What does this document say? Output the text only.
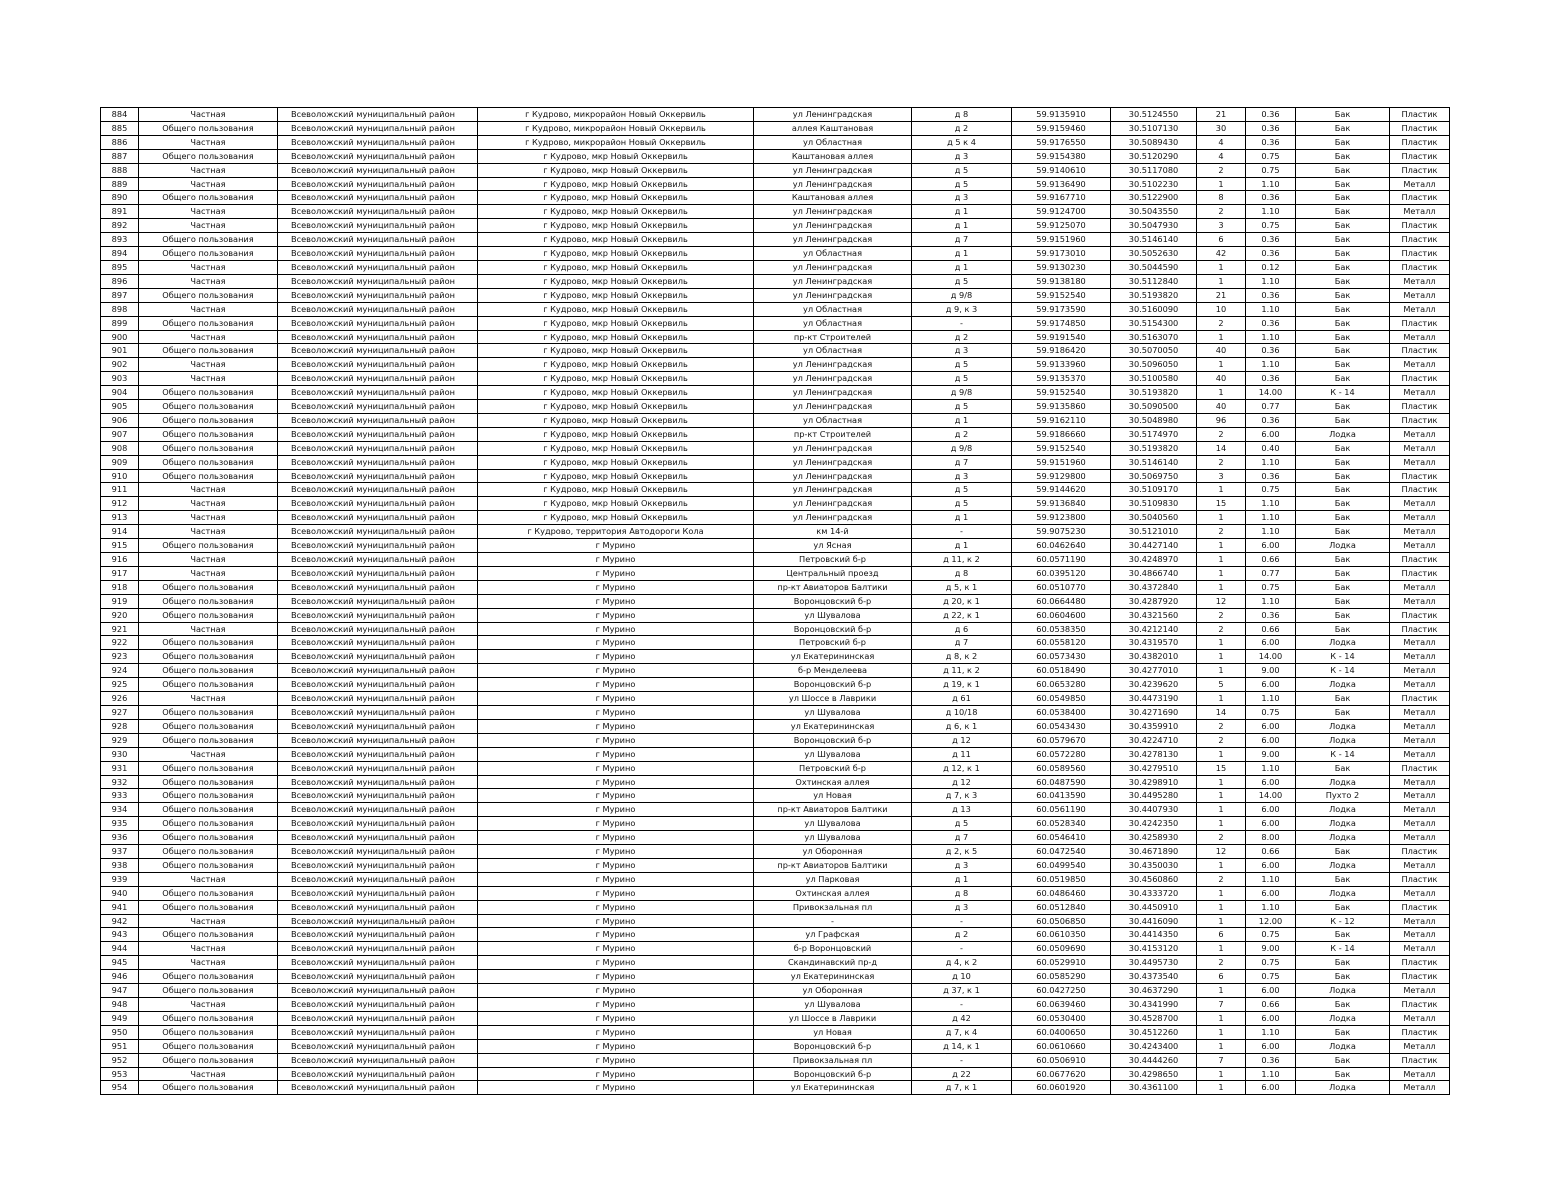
884	Частная	Всеволожский муниципальный район	г Кудрово, микрорайон Новый Оккервиль	ул Ленинградская	д 8	59.9135910	30.5124550	21	0.36	Бак	Пластик
885	Общего пользования	Всеволожский муниципальный район	г Кудрово, микрорайон Новый Оккервиль	аллея Каштановая	д 2	59.9159460	30.5107130	30	0.36	Бак	Пластик
886	Частная	Всеволожский муниципальный район	г Кудрово, микрорайон Новый Оккервиль	ул Областная	д 5 к 4	59.9176550	30.5089430	4	0.36	Бак	Пластик
887	Общего пользования	Всеволожский муниципальный район	г Кудрово, мкр Новый Оккервиль	Каштановая аллея	д 3	59.9154380	30.5120290	4	0.75	Бак	Пластик
888	Частная	Всеволожский муниципальный район	г Кудрово, мкр Новый Оккервиль	ул Ленинградская	д 5	59.9140610	30.5117080	2	0.75	Бак	Пластик
889	Частная	Всеволожский муниципальный район	г Кудрово, мкр Новый Оккервиль	ул Ленинградская	д 5	59.9136490	30.5102230	1	1.10	Бак	Металл
890	Общего пользования	Всеволожский муниципальный район	г Кудрово, мкр Новый Оккервиль	Каштановая аллея	д 3	59.9167710	30.5122900	8	0.36	Бак	Пластик
891	Частная	Всеволожский муниципальный район	г Кудрово, мкр Новый Оккервиль	ул Ленинградская	д 1	59.9124700	30.5043550	2	1.10	Бак	Металл
892	Частная	Всеволожский муниципальный район	г Кудрово, мкр Новый Оккервиль	ул Ленинградская	д 1	59.9125070	30.5047930	3	0.75	Бак	Пластик
893	Общего пользования	Всеволожский муниципальный район	г Кудрово, мкр Новый Оккервиль	ул Ленинградская	д 7	59.9151960	30.5146140	6	0.36	Бак	Пластик
894	Общего пользования	Всеволожский муниципальный район	г Кудрово, мкр Новый Оккервиль	ул Областная	д 1	59.9173010	30.5052630	42	0.36	Бак	Пластик
895	Частная	Всеволожский муниципальный район	г Кудрово, мкр Новый Оккервиль	ул Ленинградская	д 1	59.9130230	30.5044590	1	0.12	Бак	Пластик
896	Частная	Всеволожский муниципальный район	г Кудрово, мкр Новый Оккервиль	ул Ленинградская	д 5	59.9138180	30.5112840	1	1.10	Бак	Металл
897	Общего пользования	Всеволожский муниципальный район	г Кудрово, мкр Новый Оккервиль	ул Ленинградская	д 9/8	59.9152540	30.5193820	21	0.36	Бак	Металл
898	Частная	Всеволожский муниципальный район	г Кудрово, мкр Новый Оккервиль	ул Областная	д 9, к 3	59.9173590	30.5160090	10	1.10	Бак	Металл
899	Общего пользования	Всеволожский муниципальный район	г Кудрово, мкр Новый Оккервиль	ул Областная	-	59.9174850	30.5154300	2	0.36	Бак	Пластик
900	Частная	Всеволожский муниципальный район	г Кудрово, мкр Новый Оккервиль	пр-кт Строителей	д 2	59.9191540	30.5163070	1	1.10	Бак	Металл
901	Общего пользования	Всеволожский муниципальный район	г Кудрово, мкр Новый Оккервиль	ул Областная	д 3	59.9186420	30.5070050	40	0.36	Бак	Пластик
902	Частная	Всеволожский муниципальный район	г Кудрово, мкр Новый Оккервиль	ул Ленинградская	д 5	59.9133960	30.5096050	1	1.10	Бак	Металл
903	Частная	Всеволожский муниципальный район	г Кудрово, мкр Новый Оккервиль	ул Ленинградская	д 5	59.9135370	30.5100580	40	0.36	Бак	Пластик
904	Общего пользования	Всеволожский муниципальный район	г Кудрово, мкр Новый Оккервиль	ул Ленинградская	д 9/8	59.9152540	30.5193820	1	14.00	К - 14	Металл
905	Общего пользования	Всеволожский муниципальный район	г Кудрово, мкр Новый Оккервиль	ул Ленинградская	д 5	59.9135860	30.5090500	40	0.77	Бак	Пластик
906	Общего пользования	Всеволожский муниципальный район	г Кудрово, мкр Новый Оккервиль	ул Областная	д 1	59.9162110	30.5048980	96	0.36	Бак	Пластик
907	Общего пользования	Всеволожский муниципальный район	г Кудрово, мкр Новый Оккервиль	пр-кт Строителей	д 2	59.9186660	30.5174970	2	6.00	Лодка	Металл
908	Общего пользования	Всеволожский муниципальный район	г Кудрово, мкр Новый Оккервиль	ул Ленинградская	д 9/8	59.9152540	30.5193820	14	0.40	Бак	Металл
909	Общего пользования	Всеволожский муниципальный район	г Кудрово, мкр Новый Оккервиль	ул Ленинградская	д 7	59.9151960	30.5146140	2	1.10	Бак	Металл
910	Общего пользования	Всеволожский муниципальный район	г Кудрово, мкр Новый Оккервиль	ул Ленинградская	д 3	59.9129800	30.5069750	3	0.36	Бак	Пластик
911	Частная	Всеволожский муниципальный район	г Кудрово, мкр Новый Оккервиль	ул Ленинградская	д 5	59.9144620	30.5109170	1	0.75	Бак	Пластик
912	Частная	Всеволожский муниципальный район	г Кудрово, мкр Новый Оккервиль	ул Ленинградская	д 5	59.9136840	30.5109830	15	1.10	Бак	Металл
913	Частная	Всеволожский муниципальный район	г Кудрово, мкр Новый Оккервиль	ул Ленинградская	д 1	59.9123800	30.5040560	1	1.10	Бак	Металл
914	Частная	Всеволожский муниципальный район	г Кудрово, территория Автодороги Кола	км 14-й	-	59.9075230	30.5121010	2	1.10	Бак	Металл
915	Общего пользования	Всеволожский муниципальный район	г Мурино	ул Ясная	д 1	60.0462640	30.4427140	1	6.00	Лодка	Металл
916	Частная	Всеволожский муниципальный район	г Мурино	Петровский б-р	д 11, к 2	60.0571190	30.4248970	1	0.66	Бак	Пластик
917	Частная	Всеволожский муниципальный район	г Мурино	Центральный проезд	д 8	60.0395120	30.4866740	1	0.77	Бак	Пластик
918	Общего пользования	Всеволожский муниципальный район	г Мурино	пр-кт Авиаторов Балтики	д 5, к 1	60.0510770	30.4372840	1	0.75	Бак	Металл
919	Общего пользования	Всеволожский муниципальный район	г Мурино	Воронцовский б-р	д 20, к 1	60.0664480	30.4287920	12	1.10	Бак	Металл
920	Общего пользования	Всеволожский муниципальный район	г Мурино	ул Шувалова	д 22, к 1	60.0604600	30.4321560	2	0.36	Бак	Пластик
921	Частная	Всеволожский муниципальный район	г Мурино	Воронцовский б-р	д 6	60.0538350	30.4212140	2	0.66	Бак	Пластик
922	Общего пользования	Всеволожский муниципальный район	г Мурино	Петровский б-р	д 7	60.0558120	30.4319570	1	6.00	Лодка	Металл
923	Общего пользования	Всеволожский муниципальный район	г Мурино	ул Екатерининская	д 8, к 2	60.0573430	30.4382010	1	14.00	К - 14	Металл
924	Общего пользования	Всеволожский муниципальный район	г Мурино	б-р Менделеева	д 11, к 2	60.0518490	30.4277010	1	9.00	К - 14	Металл
925	Общего пользования	Всеволожский муниципальный район	г Мурино	Воронцовский б-р	д 19, к 1	60.0653280	30.4239620	5	6.00	Лодка	Металл
926	Частная	Всеволожский муниципальный район	г Мурино	ул Шоссе в Лаврики	д 61	60.0549850	30.4473190	1	1.10	Бак	Пластик
927	Общего пользования	Всеволожский муниципальный район	г Мурино	ул Шувалова	д 10/18	60.0538400	30.4271690	14	0.75	Бак	Металл
928	Общего пользования	Всеволожский муниципальный район	г Мурино	ул Екатерининская	д 6, к 1	60.0543430	30.4359910	2	6.00	Лодка	Металл
929	Общего пользования	Всеволожский муниципальный район	г Мурино	Воронцовский б-р	д 12	60.0579670	30.4224710	2	6.00	Лодка	Металл
930	Частная	Всеволожский муниципальный район	г Мурино	ул Шувалова	д 11	60.0572280	30.4278130	1	9.00	К - 14	Металл
931	Общего пользования	Всеволожский муниципальный район	г Мурино	Петровский б-р	д 12, к 1	60.0589560	30.4279510	15	1.10	Бак	Пластик
932	Общего пользования	Всеволожский муниципальный район	г Мурино	Охтинская аллея	д 12	60.0487590	30.4298910	1	6.00	Лодка	Металл
933	Общего пользования	Всеволожский муниципальный район	г Мурино	ул Новая	д 7, к 3	60.0413590	30.4495280	1	14.00	Пухто 2	Металл
934	Общего пользования	Всеволожский муниципальный район	г Мурино	пр-кт Авиаторов Балтики	д 13	60.0561190	30.4407930	1	6.00	Лодка	Металл
935	Общего пользования	Всеволожский муниципальный район	г Мурино	ул Шувалова	д 5	60.0528340	30.4242350	1	6.00	Лодка	Металл
936	Общего пользования	Всеволожский муниципальный район	г Мурино	ул Шувалова	д 7	60.0546410	30.4258930	2	8.00	Лодка	Металл
937	Общего пользования	Всеволожский муниципальный район	г Мурино	ул Оборонная	д 2, к 5	60.0472540	30.4671890	12	0.66	Бак	Пластик
938	Общего пользования	Всеволожский муниципальный район	г Мурино	пр-кт Авиаторов Балтики	д 3	60.0499540	30.4350030	1	6.00	Лодка	Металл
939	Частная	Всеволожский муниципальный район	г Мурино	ул Парковая	д 1	60.0519850	30.4560860	2	1.10	Бак	Пластик
940	Общего пользования	Всеволожский муниципальный район	г Мурино	Охтинская аллея	д 8	60.0486460	30.4333720	1	6.00	Лодка	Металл
941	Общего пользования	Всеволожский муниципальный район	г Мурино	Привокзальная пл	д 3	60.0512840	30.4450910	1	1.10	Бак	Пластик
942	Частная	Всеволожский муниципальный район	г Мурино	-	-	60.0506850	30.4416090	1	12.00	К - 12	Металл
943	Общего пользования	Всеволожский муниципальный район	г Мурино	ул Графская	д 2	60.0610350	30.4414350	6	0.75	Бак	Металл
944	Частная	Всеволожский муниципальный район	г Мурино	б-р Воронцовский	-	60.0509690	30.4153120	1	9.00	К - 14	Металл
945	Частная	Всеволожский муниципальный район	г Мурино	Скандинавский пр-д	д 4, к 2	60.0529910	30.4495730	2	0.75	Бак	Пластик
946	Общего пользования	Всеволожский муниципальный район	г Мурино	ул Екатерининская	д 10	60.0585290	30.4373540	6	0.75	Бак	Пластик
947	Общего пользования	Всеволожский муниципальный район	г Мурино	ул Оборонная	д 37, к 1	60.0427250	30.4637290	1	6.00	Лодка	Металл
948	Частная	Всеволожский муниципальный район	г Мурино	ул Шувалова	-	60.0639460	30.4341990	7	0.66	Бак	Пластик
949	Общего пользования	Всеволожский муниципальный район	г Мурино	ул Шоссе в Лаврики	д 42	60.0530400	30.4528700	1	6.00	Лодка	Металл
950	Общего пользования	Всеволожский муниципальный район	г Мурино	ул Новая	д 7, к 4	60.0400650	30.4512260	1	1.10	Бак	Пластик
951	Общего пользования	Всеволожский муниципальный район	г Мурино	Воронцовский б-р	д 14, к 1	60.0610660	30.4243400	1	6.00	Лодка	Металл
952	Общего пользования	Всеволожский муниципальный район	г Мурино	Привокзальная пл	-	60.0506910	30.4444260	7	0.36	Бак	Пластик
953	Частная	Всеволожский муниципальный район	г Мурино	Воронцовский б-р	д 22	60.0677620	30.4298650	1	1.10	Бак	Металл
954	Общего пользования	Всеволожский муниципальный район	г Мурино	ул Екатерининская	д 7, к 1	60.0601920	30.4361100	1	6.00	Лодка	Металл
